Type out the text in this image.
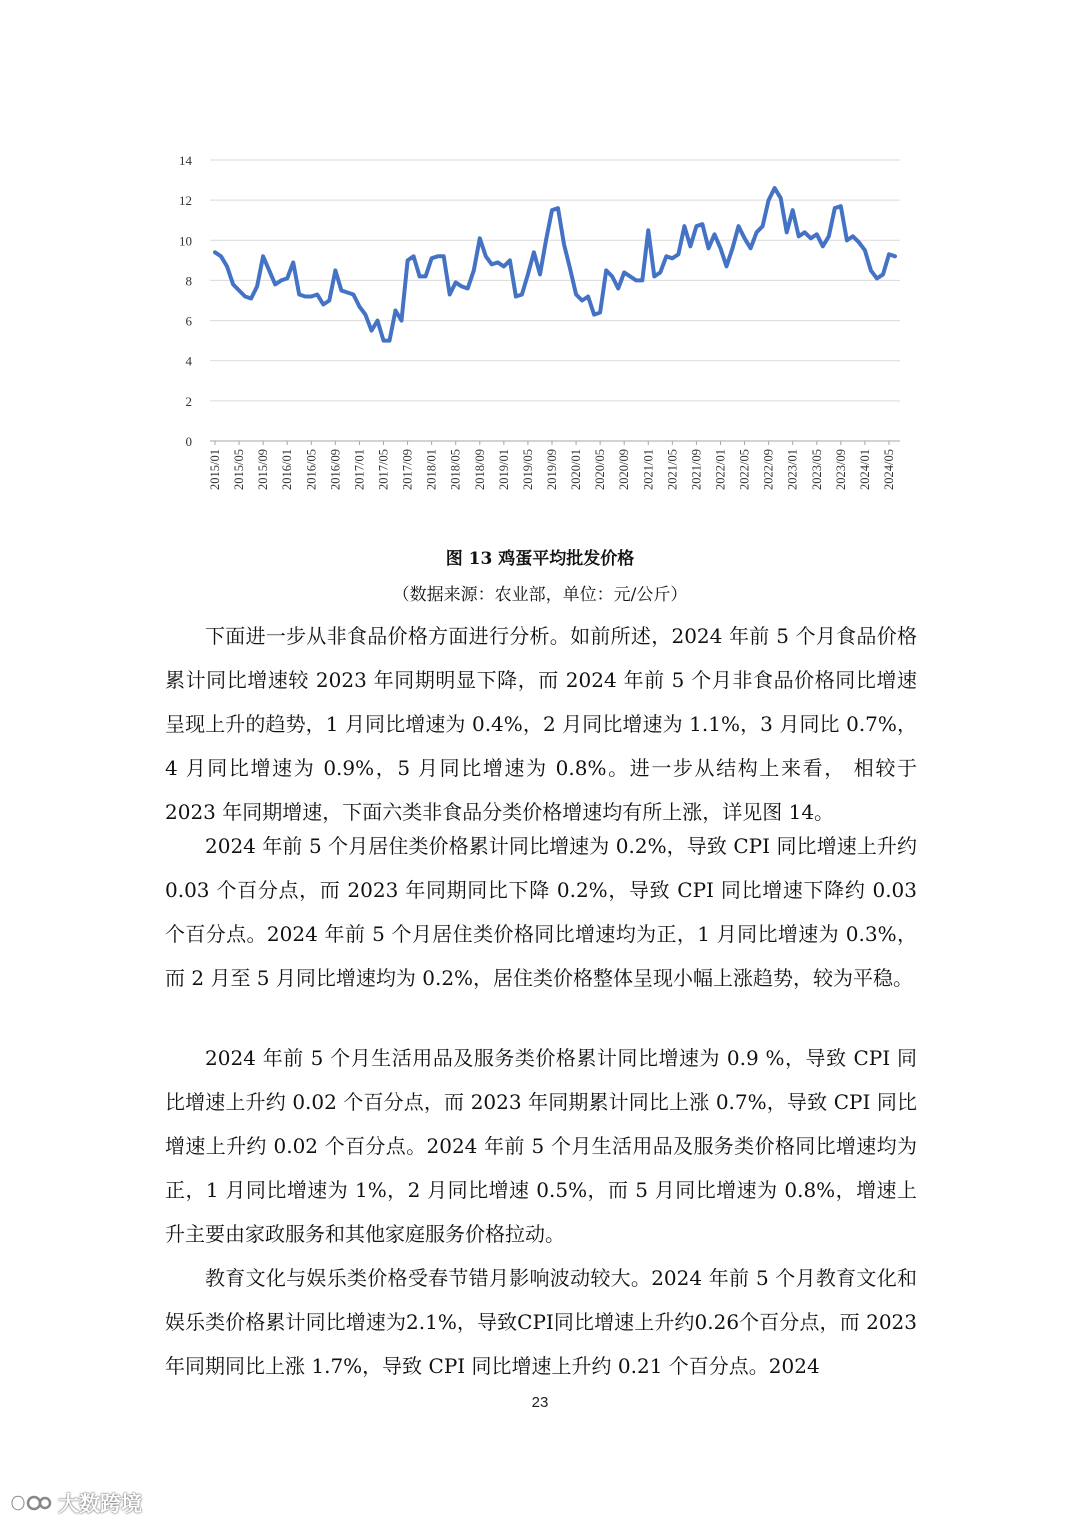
0
2
4
6
8
10
12
14
2015/01 2015/05 2015/09 2016/01 2016/05 2016/09 2017/01 2017/05 2017/09 2018/01 2018/05 2018/09 2019/01 2019/05 2019/09 2020/01 2020/05 2020/09 2021/01 2021/05 2021/09 2022/01 2022/05 2022/09 2023/01 2023/05 2023/09 2024/01 2024/05
图 13 鸡蛋平均批发价格
（数据来源：农业部，单位：元/公斤）

下面进一步从非食品价格方面进行分析。如前所述，2024 年前 5 个月食品价格累计同比增速较 2023 年同期明显下降，而 2024 年前 5 个月非食品价格同比增速呈现上升的趋势，1 月同比增速为 0.4%，2 月同比增速为 1.1%，3 月同比 0.7%，4 月同比增速为 0.9%，5 月同比增速为 0.8%。进一步从结构上来看， 相较于 2023 年同期增速，下面六类非食品分类价格增速均有所上涨，详见图 14。

2024 年前 5 个月居住类价格累计同比增速为 0.2%，导致 CPI 同比增速上升约 0.03 个百分点，而 2023 年同期同比下降 0.2%，导致 CPI 同比增速下降约 0.03 个百分点。2024 年前 5 个月居住类价格同比增速均为正，1 月同比增速为 0.3%，而 2 月至 5 月同比增速均为 0.2%，居住类价格整体呈现小幅上涨趋势，较为平稳。

2024 年前 5 个月生活用品及服务类价格累计同比增速为 0.9 %，导致 CPI 同比增速上升约 0.02 个百分点，而 2023 年同期累计同比上涨 0.7%，导致 CPI 同比增速上升约 0.02 个百分点。2024 年前 5 个月生活用品及服务类价格同比增速均为正，1 月同比增速为 1%，2 月同比增速 0.5%，而 5 月同比增速为 0.8%，增速上升主要由家政服务和其他家庭服务价格拉动。

教育文化与娱乐类价格受春节错月影响波动较大。2024 年前 5 个月教育文化和娱乐类价格累计同比增速为2.1%，导致CPI同比增速上升约0.26个百分点，而 2023 年同期同比上涨 1.7%，导致 CPI 同比增速上升约 0.21 个百分点。2024

23
大数跨境
